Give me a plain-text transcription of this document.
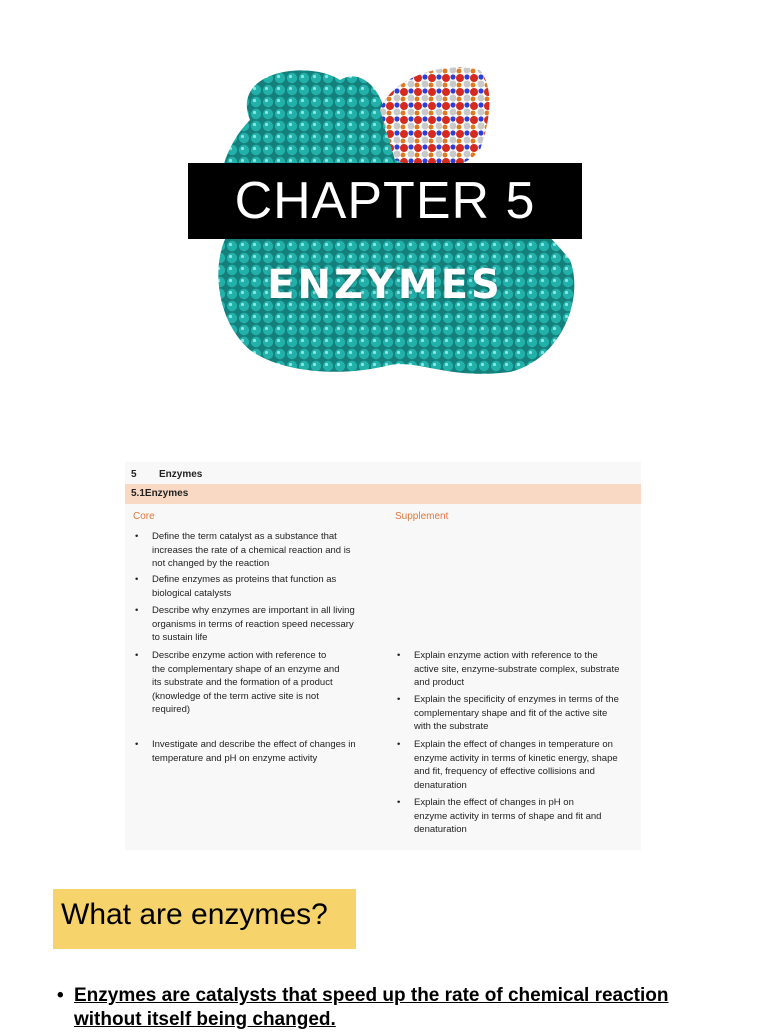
CHAPTER 5
ENZYMES
5 Enzymes
5.1Enzymes
Core	Supplement
• Define the term catalyst as a substance that
increases the rate of a chemical reaction and is
not changed by the reaction
• Define enzymes as proteins that function as
biological catalysts
• Describe why enzymes are important in all living
organisms in terms of reaction speed necessary
to sustain life
• Describe enzyme action with reference to
the complementary shape of an enzyme and
its substrate and the formation of a product
(knowledge of the term active site is not
required)
• Investigate and describe the effect of changes in
temperature and pH on enzyme activity
• Explain enzyme action with reference to the
active site, enzyme-substrate complex, substrate
and product
• Explain the specificity of enzymes in terms of the
complementary shape and fit of the active site
with the substrate
• Explain the effect of changes in temperature on
enzyme activity in terms of kinetic energy, shape
and fit, frequency of effective collisions and
denaturation
• Explain the effect of changes in pH on
enzyme activity in terms of shape and fit and
denaturation
What are enzymes?
• Enzymes are catalysts that speed up the rate of chemical reaction without itself being changed.
